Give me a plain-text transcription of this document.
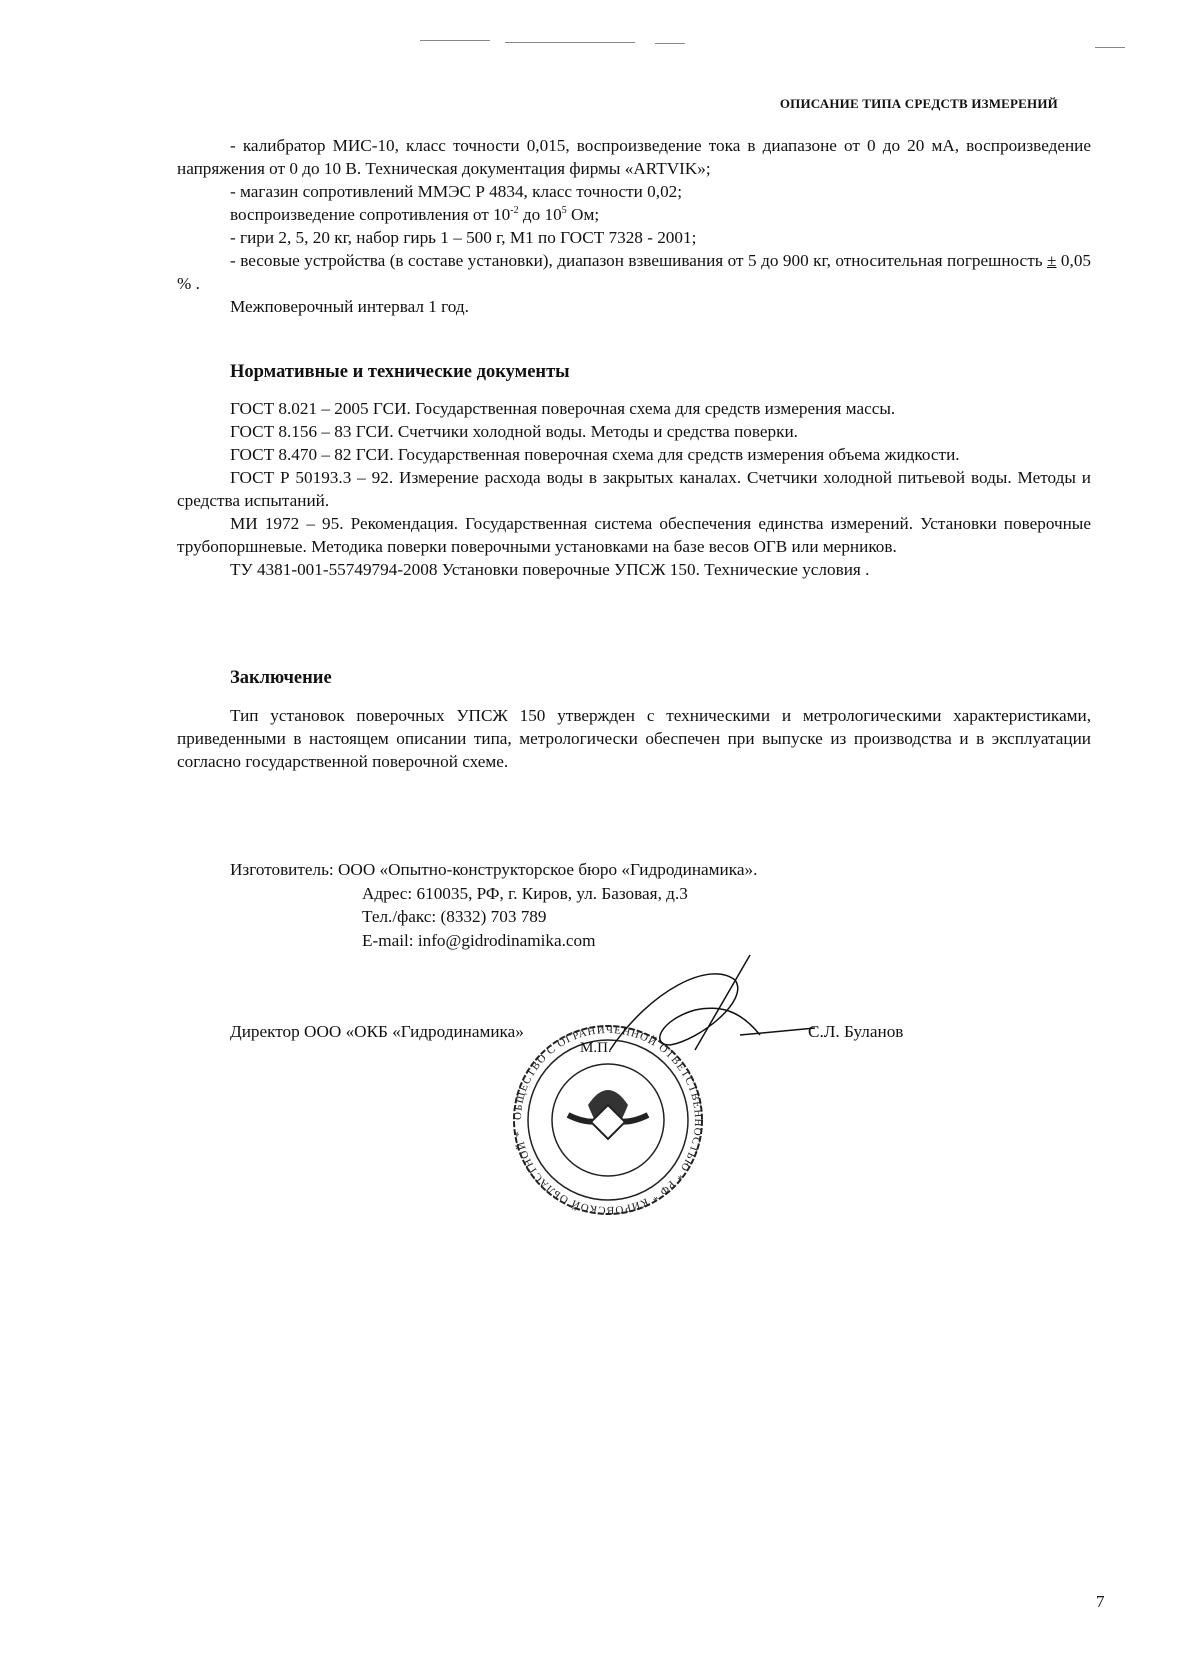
ОПИСАНИЕ ТИПА СРЕДСТВ ИЗМЕРЕНИЙ

- калибратор МИС-10, класс точности 0,015, воспроизведение тока в диапазоне от 0 до 20 мА, воспроизведение напряжения от 0 до 10 В. Техническая документация фирмы «ARTVIK»;

- магазин сопротивлений ММЭС Р 4834, класс точности 0,02;

воспроизведение сопротивления от $10^{-2}$ до $10^5$ Ом;

- гири 2, 5, 20 кг, набор гирь 1 – 500 г, М1 по ГОСТ 7328 - 2001;

- весовые устройства (в составе установки), диапазон взвешивания от 5 до 900 кг, относительная погрешность ± 0,05 % .

Межповерочный интервал 1 год.

Нормативные и технические документы

ГОСТ 8.021 – 2005 ГСИ. Государственная поверочная схема для средств измерения массы.

ГОСТ 8.156 – 83 ГСИ. Счетчики холодной воды. Методы и средства поверки.

ГОСТ 8.470 – 82 ГСИ. Государственная поверочная схема для средств измерения объема жидкости.

ГОСТ Р 50193.3 – 92. Измерение расхода воды в закрытых каналах. Счетчики холодной питьевой воды. Методы и средства испытаний.

МИ 1972 – 95. Рекомендация. Государственная система обеспечения единства измерений. Установки поверочные трубопоршневые. Методика поверки поверочными установками на базе весов ОГВ или мерников.

ТУ 4381-001-55749794-2008 Установки поверочные УПСЖ 150. Технические условия .

Заключение

Тип установок поверочных УПСЖ 150 утвержден с техническими и метрологическими характеристиками, приведенными в настоящем описании типа, метрологически обеспечен при выпуске из производства и в эксплуатации согласно государственной поверочной схеме.

Изготовитель: ООО «Опытно-конструкторское бюро «Гидродинамика».
Адрес: 610035, РФ, г. Киров, ул. Базовая, д.3
Тел./факс: (8332) 703 789
E-mail: info@gidrodinamika.com
Директор ООО «ОКБ «Гидродинамика»	С.Л. Буланов
ОБЩЕСТВО С ОГРАНИЧЕННОЙ ОТВЕТСТВЕННОСТЬЮ * РФ * КИРОВСКОЙ ОБЛАСТНОЙ *
М.П.
7
